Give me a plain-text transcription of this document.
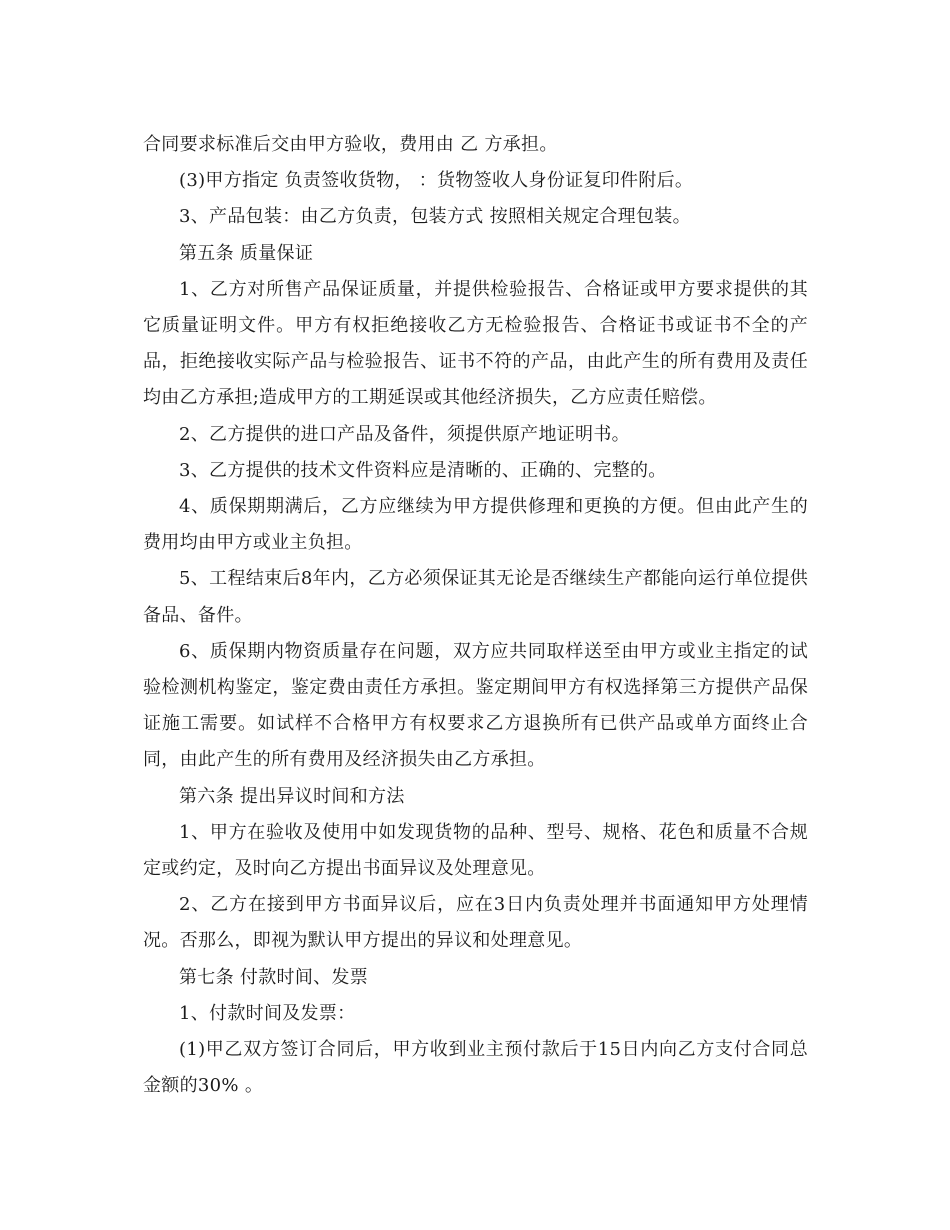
合同要求标准后交由甲方验收，费用由 乙 方承担。

(3)甲方指定 负责签收货物， ：货物签收人身份证复印件附后。

3、产品包装：由乙方负责，包装方式 按照相关规定合理包装。

第五条 质量保证

1、乙方对所售产品保证质量，并提供检验报告、合格证或甲方要求提供的其它质量证明文件。甲方有权拒绝接收乙方无检验报告、合格证书或证书不全的产品，拒绝接收实际产品与检验报告、证书不符的产品，由此产生的所有费用及责任均由乙方承担;造成甲方的工期延误或其他经济损失，乙方应责任赔偿。

2、乙方提供的进口产品及备件，须提供原产地证明书。

3、乙方提供的技术文件资料应是清晰的、正确的、完整的。

4、质保期期满后，乙方应继续为甲方提供修理和更换的方便。但由此产生的费用均由甲方或业主负担。

5、工程结束后8年内，乙方必须保证其无论是否继续生产都能向运行单位提供备品、备件。

6、质保期内物资质量存在问题，双方应共同取样送至由甲方或业主指定的试验检测机构鉴定，鉴定费由责任方承担。鉴定期间甲方有权选择第三方提供产品保证施工需要。如试样不合格甲方有权要求乙方退换所有已供产品或单方面终止合同，由此产生的所有费用及经济损失由乙方承担。

第六条 提出异议时间和方法

1、甲方在验收及使用中如发现货物的品种、型号、规格、花色和质量不合规定或约定，及时向乙方提出书面异议及处理意见。

2、乙方在接到甲方书面异议后，应在3日内负责处理并书面通知甲方处理情况。否那么，即视为默认甲方提出的异议和处理意见。

第七条 付款时间、发票

1、付款时间及发票：

(1)甲乙双方签订合同后，甲方收到业主预付款后于15日内向乙方支付合同总金额的30% 。
